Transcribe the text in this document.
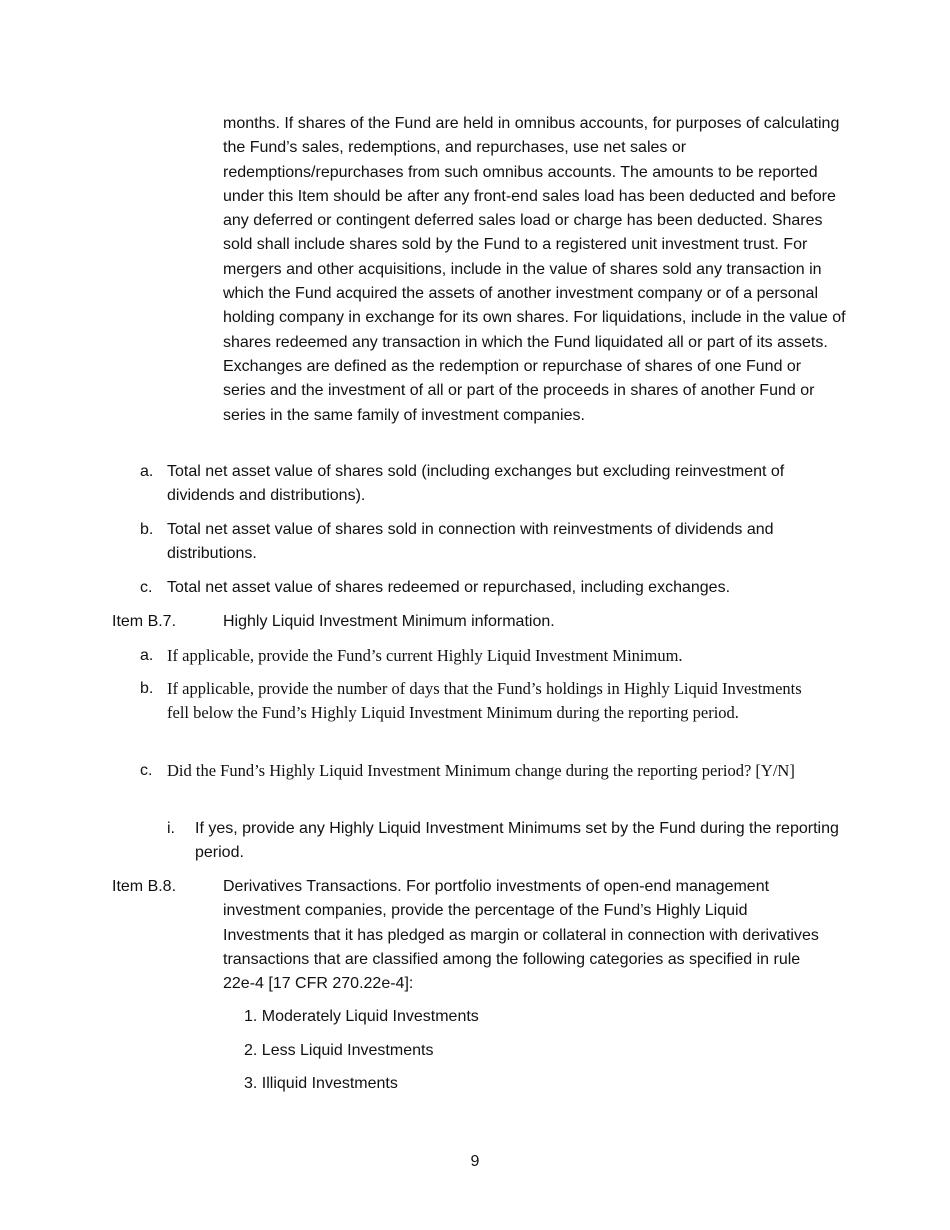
months. If shares of the Fund are held in omnibus accounts, for purposes of calculating the Fund’s sales, redemptions, and repurchases, use net sales or redemptions/repurchases from such omnibus accounts. The amounts to be reported under this Item should be after any front-end sales load has been deducted and before any deferred or contingent deferred sales load or charge has been deducted. Shares sold shall include shares sold by the Fund to a registered unit investment trust. For mergers and other acquisitions, include in the value of shares sold any transaction in which the Fund acquired the assets of another investment company or of a personal holding company in exchange for its own shares. For liquidations, include in the value of shares redeemed any transaction in which the Fund liquidated all or part of its assets. Exchanges are defined as the redemption or repurchase of shares of one Fund or series and the investment of all or part of the proceeds in shares of another Fund or series in the same family of investment companies.

a. Total net asset value of shares sold (including exchanges but excluding reinvestment of dividends and distributions).
b. Total net asset value of shares sold in connection with reinvestments of dividends and distributions.
c. Total net asset value of shares redeemed or repurchased, including exchanges.
Item B.7.	Highly Liquid Investment Minimum information.
a. If applicable, provide the Fund’s current Highly Liquid Investment Minimum.
b. If applicable, provide the number of days that the Fund’s holdings in Highly Liquid Investments fell below the Fund’s Highly Liquid Investment Minimum during the reporting period.
c. Did the Fund’s Highly Liquid Investment Minimum change during the reporting period? [Y/N]
i. If yes, provide any Highly Liquid Investment Minimums set by the Fund during the reporting period.
Item B.8.	Derivatives Transactions. For portfolio investments of open-end management investment companies, provide the percentage of the Fund’s Highly Liquid Investments that it has pledged as margin or collateral in connection with derivatives transactions that are classified among the following categories as specified in rule 22e-4 [17 CFR 270.22e-4]:
1. Moderately Liquid Investments
2. Less Liquid Investments
3. Illiquid Investments
9
